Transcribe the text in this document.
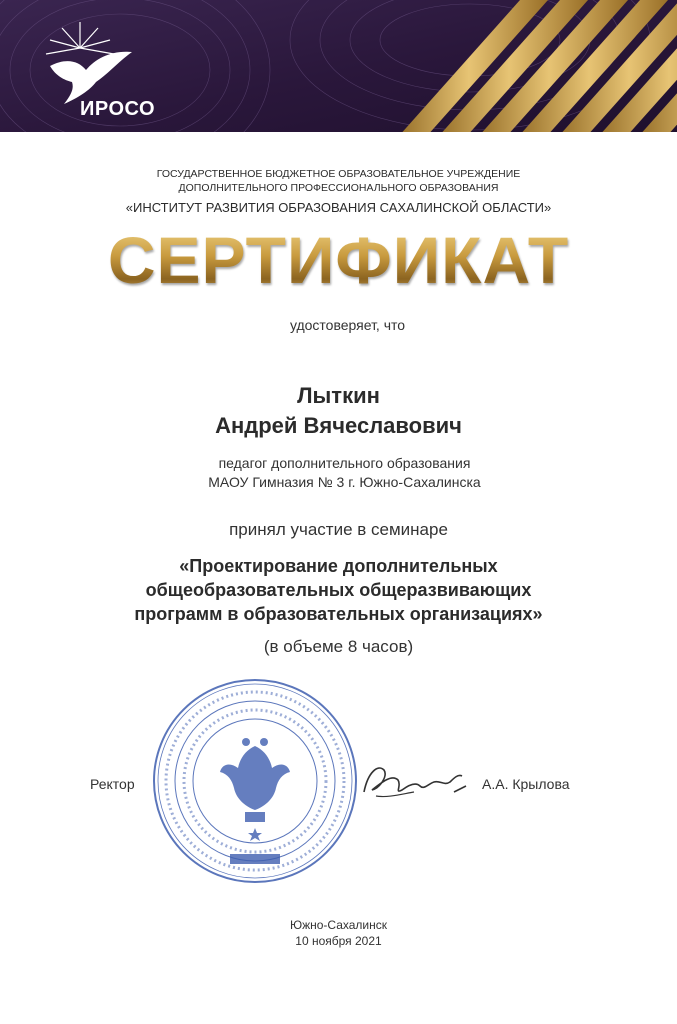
ИРОСО
ГОСУДАРСТВЕННОЕ БЮДЖЕТНОЕ ОБРАЗОВАТЕЛЬНОЕ УЧРЕЖДЕНИЕ
ДОПОЛНИТЕЛЬНОГО ПРОФЕССИОНАЛЬНОГО ОБРАЗОВАНИЯ
«ИНСТИТУТ РАЗВИТИЯ ОБРАЗОВАНИЯ САХАЛИНСКОЙ ОБЛАСТИ»
СЕРТИФИКАТ
удостоверяет, что
Лыткин
Андрей Вячеславович
педагог дополнительного образования
МАОУ Гимназия № 3 г. Южно-Сахалинска
принял участие в семинаре
«Проектирование дополнительных
общеобразовательных общеразвивающих
программ в образовательных организациях»
(в объеме 8 часов)
Ректор	А.А. Крылова
Южно-Сахалинск
10 ноября 2021
